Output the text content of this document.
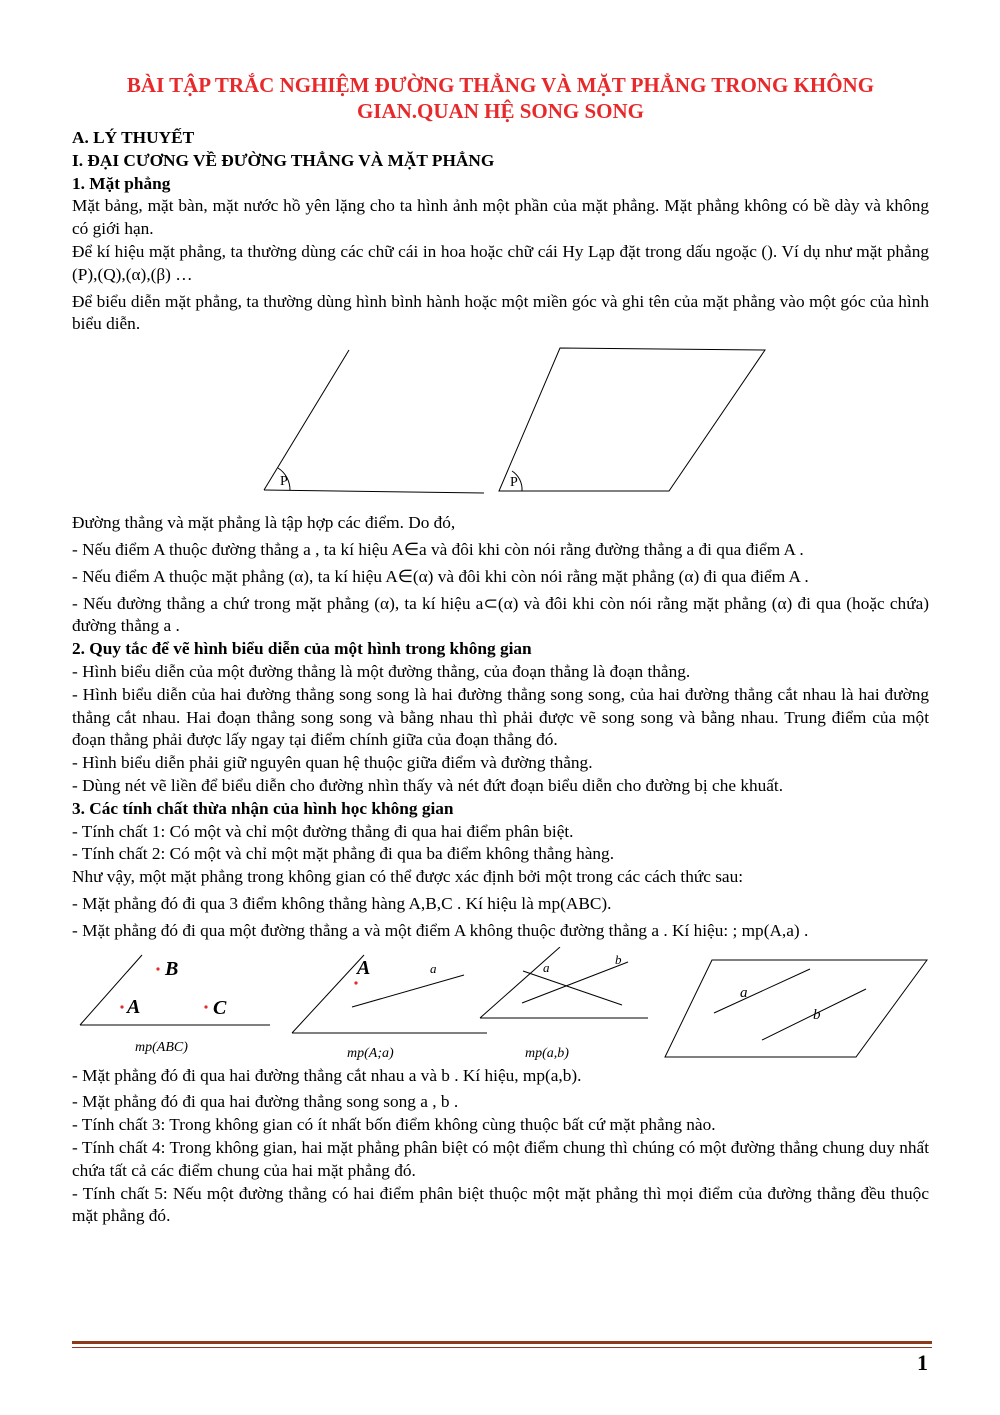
BÀI TẬP TRẮC NGHIỆM ĐƯỜNG THẲNG VÀ MẶT PHẲNG TRONG KHÔNG GIAN.QUAN HỆ SONG SONG
A. LÝ THUYẾT
I. ĐẠI CƯƠNG VỀ ĐƯỜNG THẲNG VÀ MẶT PHẲNG
1. Mặt phẳng

Mặt bảng, mặt bàn, mặt nước hồ yên lặng cho ta hình ảnh một phần của mặt phẳng. Mặt phẳng không có bề dày và không có giới hạn.

Để kí hiệu mặt phẳng, ta thường dùng các chữ cái in hoa hoặc chữ cái Hy Lạp đặt trong dấu ngoặc (). Ví dụ như mặt phẳng (P),(Q),(α),(β) …

Để biểu diễn mặt phẳng, ta thường dùng hình bình hành hoặc một miền góc và ghi tên của mặt phẳng vào một góc của hình biểu diễn.

P	P

Đường thẳng và mặt phẳng là tập hợp các điểm. Do đó,

- Nếu điểm A thuộc đường thẳng a , ta kí hiệu A∈a và đôi khi còn nói rằng đường thẳng a đi qua điểm A .

- Nếu điểm A thuộc mặt phẳng (α), ta kí hiệu A∈(α) và đôi khi còn nói rằng mặt phẳng (α) đi qua điểm A .

- Nếu đường thẳng a chứ trong mặt phẳng (α), ta kí hiệu a⊂(α) và đôi khi còn nói rằng mặt phẳng (α) đi qua (hoặc chứa) đường thẳng a .

2. Quy tắc để vẽ hình biểu diễn của một hình trong không gian

- Hình biểu diễn của một đường thẳng là một đường thẳng, của đoạn thẳng là đoạn thẳng.

- Hình biểu diễn của hai đường thẳng song song là hai đường thẳng song song, của hai đường thẳng cắt nhau là hai đường thẳng cắt nhau. Hai đoạn thẳng song song và bằng nhau thì phải được vẽ song song và bằng nhau. Trung điểm của một đoạn thẳng phải được lấy ngay tại điểm chính giữa của đoạn thẳng đó.

- Hình biểu diễn phải giữ nguyên quan hệ thuộc giữa điểm và đường thẳng.

- Dùng nét vẽ liền để biểu diễn cho đường nhìn thấy và nét đứt đoạn biểu diễn cho đường bị che khuất.

3. Các tính chất thừa nhận của hình học không gian

- Tính chất 1: Có một và chỉ một đường thẳng đi qua hai điểm phân biệt.

- Tính chất 2: Có một và chỉ một mặt phẳng đi qua ba điểm không thẳng hàng.

Như vậy, một mặt phẳng trong không gian có thể được xác định bởi một trong các cách thức sau:

- Mặt phẳng đó đi qua 3 điểm không thẳng hàng A,B,C . Kí hiệu là mp(ABC).

- Mặt phẳng đó đi qua một đường thẳng a và một điểm A không thuộc đường thẳng a . Kí hiệu: ; mp(A,a) .

B
A	C
mp(ABC)
A	a
mp(A;a)
a
b
mp(a,b)
a
b

- Mặt phẳng đó đi qua hai đường thẳng cắt nhau a và b . Kí hiệu, mp(a,b).

- Mặt phẳng đó đi qua hai đường thẳng song song a , b .

- Tính chất 3: Trong không gian có ít nhất bốn điểm không cùng thuộc bất cứ mặt phẳng nào.

- Tính chất 4: Trong không gian, hai mặt phẳng phân biệt có một điểm chung thì chúng có một đường thẳng chung duy nhất chứa tất cả các điểm chung của hai mặt phẳng đó.

- Tính chất 5: Nếu một đường thẳng có hai điểm phân biệt thuộc một mặt phẳng thì mọi điểm của đường thẳng đều thuộc mặt phẳng đó.

1
